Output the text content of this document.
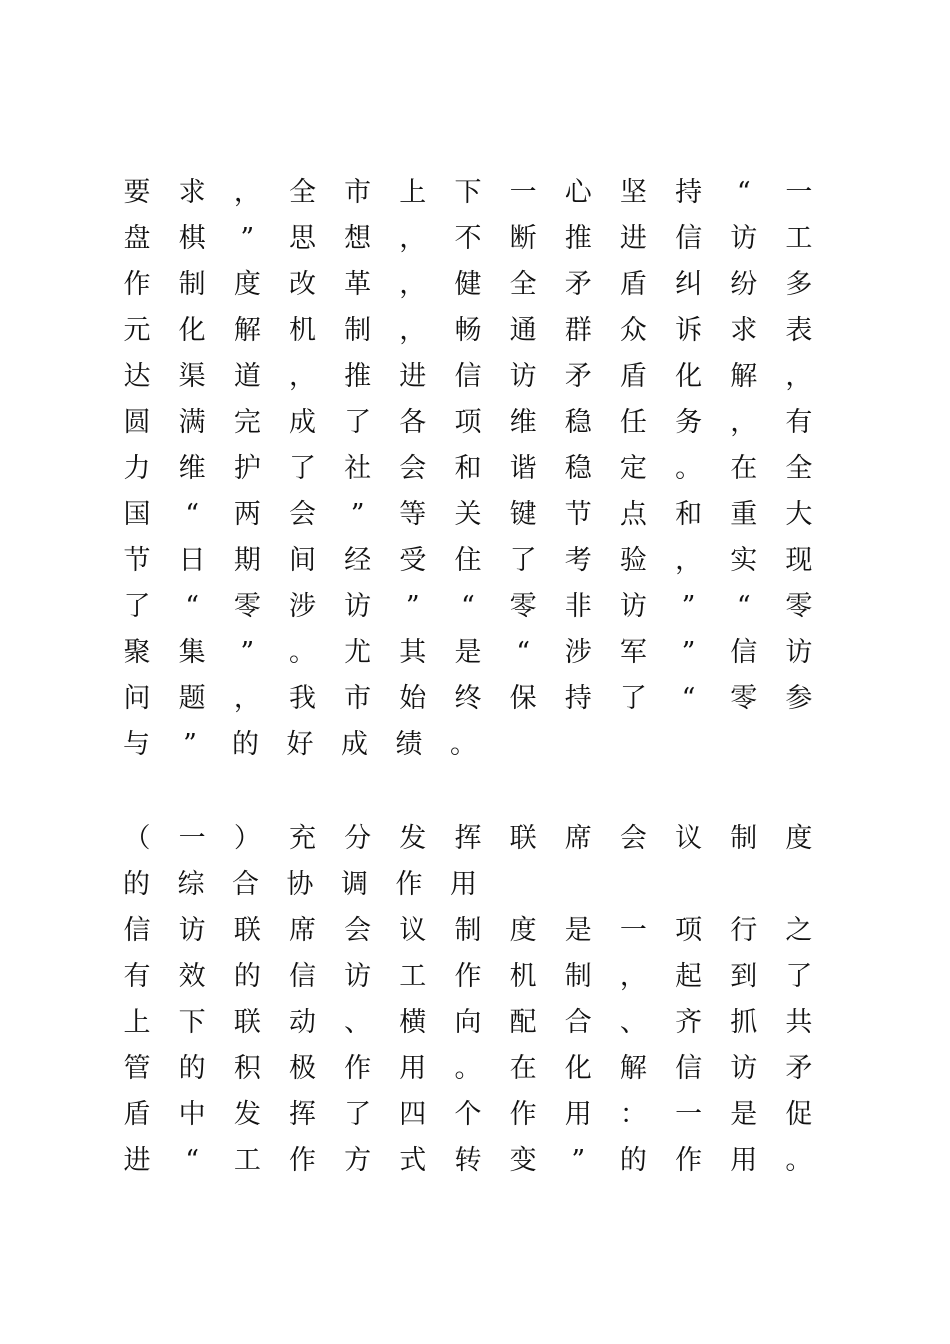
要 求 ， 全 市 上 下 一 心 坚 持 “ 一
盘 棋 ” 思 想 ， 不 断 推 进 信 访 工
作 制 度 改 革 ， 健 全 矛 盾 纠 纷 多
元 化 解 机 制 ， 畅 通 群 众 诉 求 表
达 渠 道 ， 推 进 信 访 矛 盾 化 解 ，
圆 满 完 成 了 各 项 维 稳 任 务 ， 有
力 维 护 了 社 会 和 谐 稳 定 。 在 全
国 “ 两 会 ” 等 关 键 节 点 和 重 大
节 日 期 间 经 受 住 了 考 验 ， 实 现
了 “ 零 涉 访 ” “ 零 非 访 ” “ 零
聚 集 ” 。 尤 其 是 “ 涉 军 ” 信 访
问 题 ， 我 市 始 终 保 持 了 “ 零 参
与 ” 的 好 成 绩 。
（ 一 ） 充 分 发 挥 联 席 会 议 制 度
的 综 合 协 调 作 用
信 访 联 席 会 议 制 度 是 一 项 行 之
有 效 的 信 访 工 作 机 制 ， 起 到 了
上 下 联 动 、 横 向 配 合 、 齐 抓 共
管 的 积 极 作 用 。 在 化 解 信 访 矛
盾 中 发 挥 了 四 个 作 用 ： 一 是 促
进 “ 工 作 方 式 转 变 ” 的 作 用 。
